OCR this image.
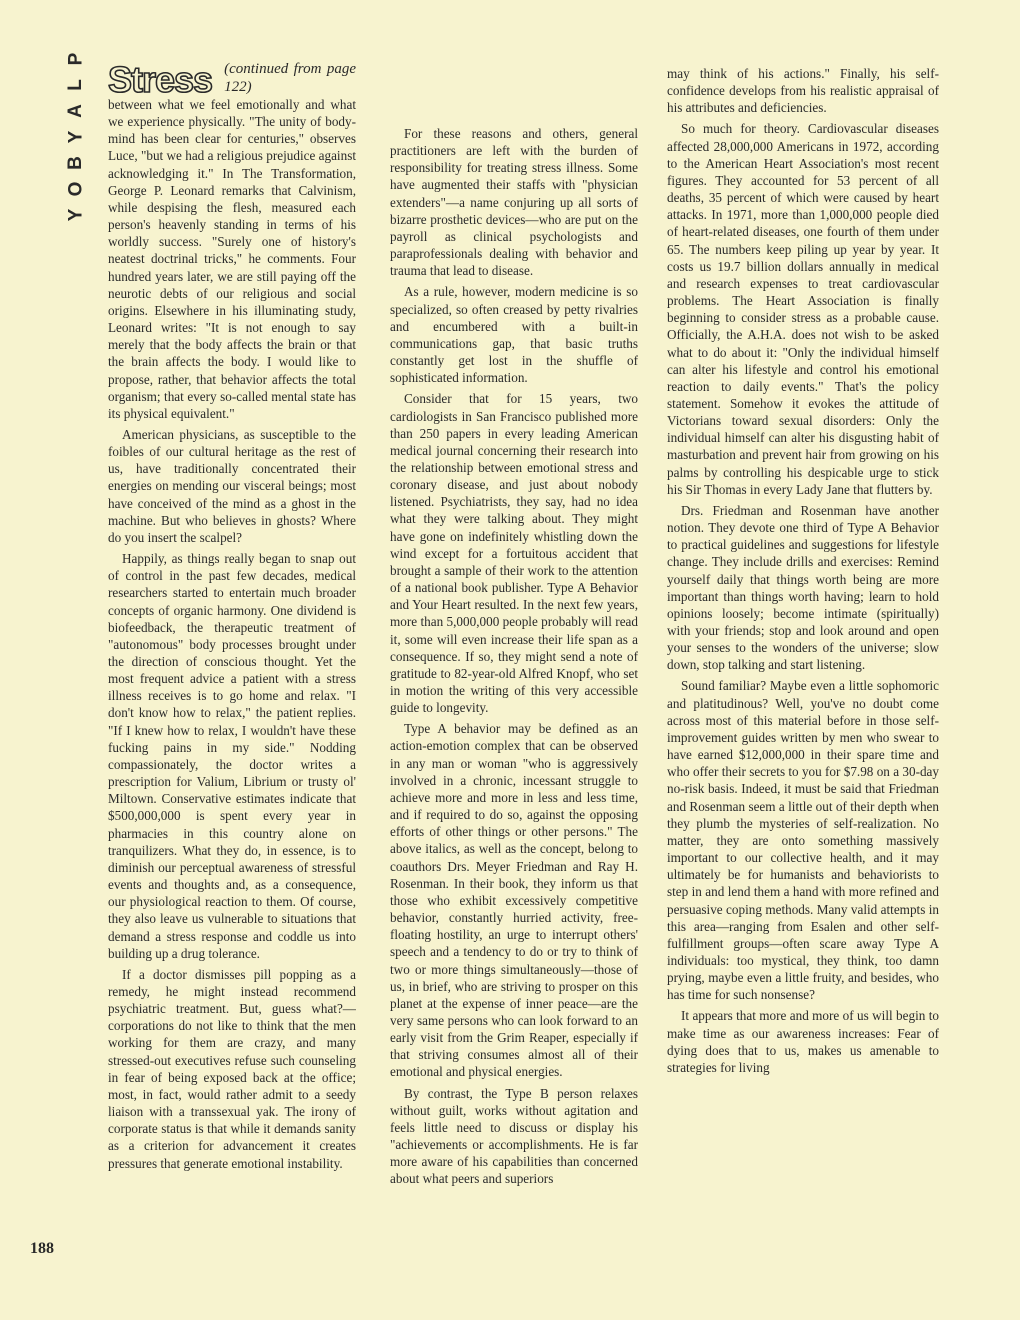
P
L
A
Y
B
O
Y
Stress (continued from page 122)

between what we feel emotionally and what we experience physically. "The unity of body-mind has been clear for centuries," observes Luce, "but we had a religious prejudice against acknowledging it." In The Transformation, George P. Leonard remarks that Calvinism, while despising the flesh, measured each person's heavenly standing in terms of his worldly success. "Surely one of history's neatest doctrinal tricks," he comments. Four hundred years later, we are still paying off the neurotic debts of our religious and social origins. Elsewhere in his illuminating study, Leonard writes: "It is not enough to say merely that the body affects the brain or that the brain affects the body. I would like to propose, rather, that behavior affects the total organism; that every so-called mental state has its physical equivalent."

American physicians, as susceptible to the foibles of our cultural heritage as the rest of us, have traditionally concentrated their energies on mending our visceral beings; most have conceived of the mind as a ghost in the machine. But who believes in ghosts? Where do you insert the scalpel?

Happily, as things really began to snap out of control in the past few decades, medical researchers started to entertain much broader concepts of organic harmony. One dividend is biofeedback, the therapeutic treatment of "autonomous" body processes brought under the direction of conscious thought. Yet the most frequent advice a patient with a stress illness receives is to go home and relax. "I don't know how to relax," the patient replies. "If I knew how to relax, I wouldn't have these fucking pains in my side." Nodding compassionately, the doctor writes a prescription for Valium, Librium or trusty ol' Miltown. Conservative estimates indicate that $500,000,000 is spent every year in pharmacies in this country alone on tranquilizers. What they do, in essence, is to diminish our perceptual awareness of stressful events and thoughts and, as a consequence, our physiological reaction to them. Of course, they also leave us vulnerable to situations that demand a stress response and coddle us into building up a drug tolerance.

If a doctor dismisses pill popping as a remedy, he might instead recommend psychiatric treatment. But, guess what?—corporations do not like to think that the men working for them are crazy, and many stressed-out executives refuse such counseling in fear of being exposed back at the office; most, in fact, would rather admit to a seedy liaison with a transsexual yak. The irony of corporate status is that while it demands sanity as a criterion for advancement it creates pressures that generate emotional instability.

For these reasons and others, general practitioners are left with the burden of responsibility for treating stress illness. Some have augmented their staffs with "physician extenders"—a name conjuring up all sorts of bizarre prosthetic devices—who are put on the payroll as clinical psychologists and paraprofessionals dealing with behavior and trauma that lead to disease.

As a rule, however, modern medicine is so specialized, so often creased by petty rivalries and encumbered with a built-in communications gap, that basic truths constantly get lost in the shuffle of sophisticated information.

Consider that for 15 years, two cardiologists in San Francisco published more than 250 papers in every leading American medical journal concerning their research into the relationship between emotional stress and coronary disease, and just about nobody listened. Psychiatrists, they say, had no idea what they were talking about. They might have gone on indefinitely whistling down the wind except for a fortuitous accident that brought a sample of their work to the attention of a national book publisher. Type A Behavior and Your Heart resulted. In the next few years, more than 5,000,000 people probably will read it, some will even increase their life span as a consequence. If so, they might send a note of gratitude to 82-year-old Alfred Knopf, who set in motion the writing of this very accessible guide to longevity.

Type A behavior may be defined as an action-emotion complex that can be observed in any man or woman "who is aggressively involved in a chronic, incessant struggle to achieve more and more in less and less time, and if required to do so, against the opposing efforts of other things or other persons." The above italics, as well as the concept, belong to coauthors Drs. Meyer Friedman and Ray H. Rosenman. In their book, they inform us that those who exhibit excessively competitive behavior, constantly hurried activity, free-floating hostility, an urge to interrupt others' speech and a tendency to do or try to think of two or more things simultaneously—those of us, in brief, who are striving to prosper on this planet at the expense of inner peace—are the very same persons who can look forward to an early visit from the Grim Reaper, especially if that striving consumes almost all of their emotional and physical energies.

By contrast, the Type B person relaxes without guilt, works without agitation and feels little need to discuss or display his "achievements or accomplishments. He is far more aware of his capabilities than concerned about what peers and superiors

may think of his actions." Finally, his self-confidence develops from his realistic appraisal of his attributes and deficiencies.

So much for theory. Cardiovascular diseases affected 28,000,000 Americans in 1972, according to the American Heart Association's most recent figures. They accounted for 53 percent of all deaths, 35 percent of which were caused by heart attacks. In 1971, more than 1,000,000 people died of heart-related diseases, one fourth of them under 65. The numbers keep piling up year by year. It costs us 19.7 billion dollars annually in medical and research expenses to treat cardiovascular problems. The Heart Association is finally beginning to consider stress as a probable cause. Officially, the A.H.A. does not wish to be asked what to do about it: "Only the individual himself can alter his lifestyle and control his emotional reaction to daily events." That's the policy statement. Somehow it evokes the attitude of Victorians toward sexual disorders: Only the individual himself can alter his disgusting habit of masturbation and prevent hair from growing on his palms by controlling his despicable urge to stick his Sir Thomas in every Lady Jane that flutters by.

Drs. Friedman and Rosenman have another notion. They devote one third of Type A Behavior to practical guidelines and suggestions for lifestyle change. They include drills and exercises: Remind yourself daily that things worth being are more important than things worth having; learn to hold opinions loosely; become intimate (spiritually) with your friends; stop and look around and open your senses to the wonders of the universe; slow down, stop talking and start listening.

Sound familiar? Maybe even a little sophomoric and platitudinous? Well, you've no doubt come across most of this material before in those self-improvement guides written by men who swear to have earned $12,000,000 in their spare time and who offer their secrets to you for $7.98 on a 30-day no-risk basis. Indeed, it must be said that Friedman and Rosenman seem a little out of their depth when they plumb the mysteries of self-realization. No matter, they are onto something massively important to our collective health, and it may ultimately be for humanists and behaviorists to step in and lend them a hand with more refined and persuasive coping methods. Many valid attempts in this area—ranging from Esalen and other self-fulfillment groups—often scare away Type A individuals: too mystical, they think, too damn prying, maybe even a little fruity, and besides, who has time for such nonsense?

It appears that more and more of us will begin to make time as our awareness increases: Fear of dying does that to us, makes us amenable to strategies for living

188
